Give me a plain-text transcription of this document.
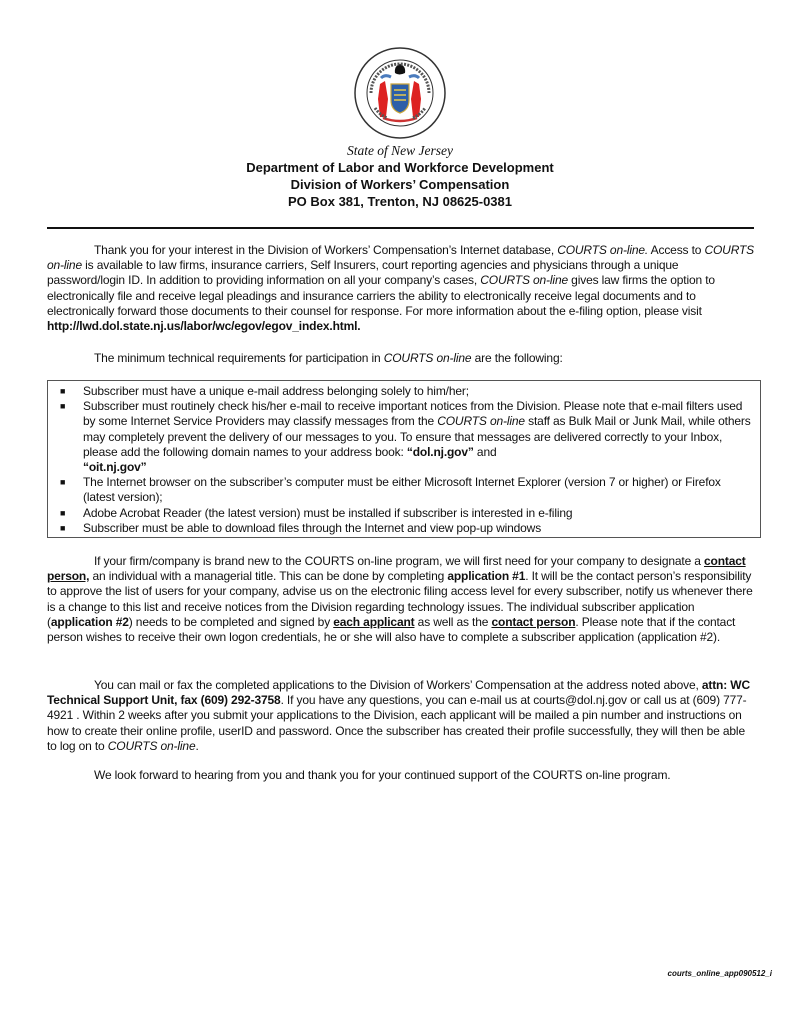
State of New Jersey
Department of Labor and Workforce Development
Division of Workers’ Compensation
PO Box 381, Trenton, NJ 08625-0381
Thank you for your interest in the Division of Workers’ Compensation’s Internet database, COURTS on-line. Access to COURTS on-line is available to law firms, insurance carriers, Self Insurers, court reporting agencies and physicians through a unique password/login ID. In addition to providing information on all your company’s cases, COURTS on-line gives law firms the option to electronically file and receive legal pleadings and insurance carriers the ability to electronically receive legal documents and to electronically forward those documents to their counsel for response. For more information about the e-filing option, please visit http://lwd.dol.state.nj.us/labor/wc/egov/egov_index.html.
The minimum technical requirements for participation in COURTS on-line are the following:
■ Subscriber must have a unique e-mail address belonging solely to him/her;
■ Subscriber must routinely check his/her e-mail to receive important notices from the Division. Please note that e-mail filters used by some Internet Service Providers may classify messages from the COURTS on-line staff as Bulk Mail or Junk Mail, while others may completely prevent the delivery of our messages to you. To ensure that messages are delivered correctly to your Inbox, please add the following domain names to your address book: “dol.nj.gov” and
“oit.nj.gov”
■ The Internet browser on the subscriber’s computer must be either Microsoft Internet Explorer (version 7 or higher) or Firefox (latest version);
■ Adobe Acrobat Reader (the latest version) must be installed if subscriber is interested in e-filing
■ Subscriber must be able to download files through the Internet and view pop-up windows
If your firm/company is brand new to the COURTS on-line program, we will first need for your company to designate a contact person, an individual with a managerial title. This can be done by completing application #1. It will be the contact person’s responsibility to approve the list of users for your company, advise us on the electronic filing access level for every subscriber, notify us whenever there is a change to this list and receive notices from the Division regarding technology issues. The individual subscriber application (application #2) needs to be completed and signed by each applicant as well as the contact person. Please note that if the contact person wishes to receive their own logon credentials, he or she will also have to complete a subscriber application (application #2).
You can mail or fax the completed applications to the Division of Workers’ Compensation at the address noted above, attn: WC Technical Support Unit, fax (609) 292-3758. If you have any questions, you can e-mail us at courts@dol.nj.gov or call us at (609) 777-4921 . Within 2 weeks after you submit your applications to the Division, each applicant will be mailed a pin number and instructions on how to create their online profile, userID and password. Once the subscriber has created their profile successfully, they will then be able to log on to COURTS on-line.
We look forward to hearing from you and thank you for your continued support of the COURTS on-line program.
courts_online_app090512_i
